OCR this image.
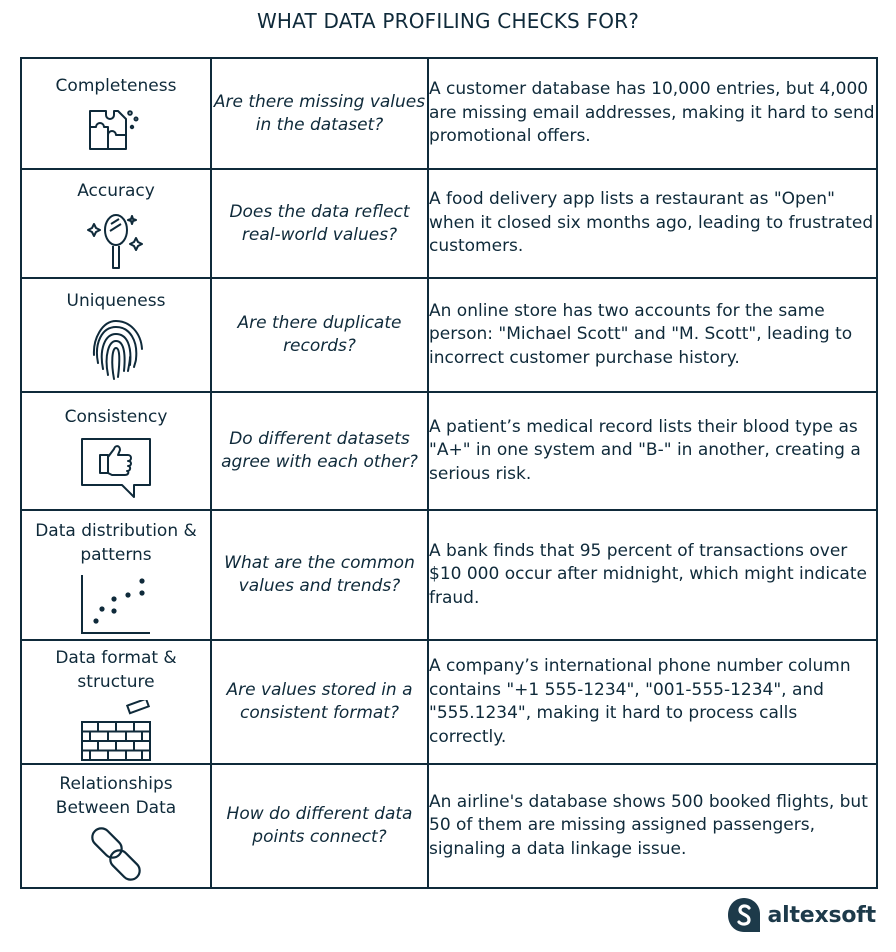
WHAT DATA PROFILING CHECKS FOR?
Completeness	Are there missing values in the dataset?	A customer database has 10,000 entries, but 4,000 are missing email addresses, making it hard to send promotional offers.

Accuracy	Does the data reflect real-world values?	A food delivery app lists a restaurant as "Open" when it closed six months ago, leading to frustrated customers.

Uniqueness	Are there duplicate records?	An online store has two accounts for the same person: "Michael Scott" and "M. Scott", leading to incorrect customer purchase history.

Consistency	Do different datasets agree with each other?	A patient’s medical record lists their blood type as "A+" in one system and "B-" in another, creating a serious risk.

Data distribution & patterns	What are the common values and trends?	A bank finds that 95 percent of transactions over $10 000 occur after midnight, which might indicate fraud.

Data format & structure	Are values stored in a consistent format?	A company’s international phone number column contains "+1 555-1234", "001-555-1234", and "555.1234", making it hard to process calls correctly.

Relationships Between Data	How do different data points connect?	An airline's database shows 500 booked flights, but 50 of them are missing assigned passengers, signaling a data linkage issue.
altexsoft
